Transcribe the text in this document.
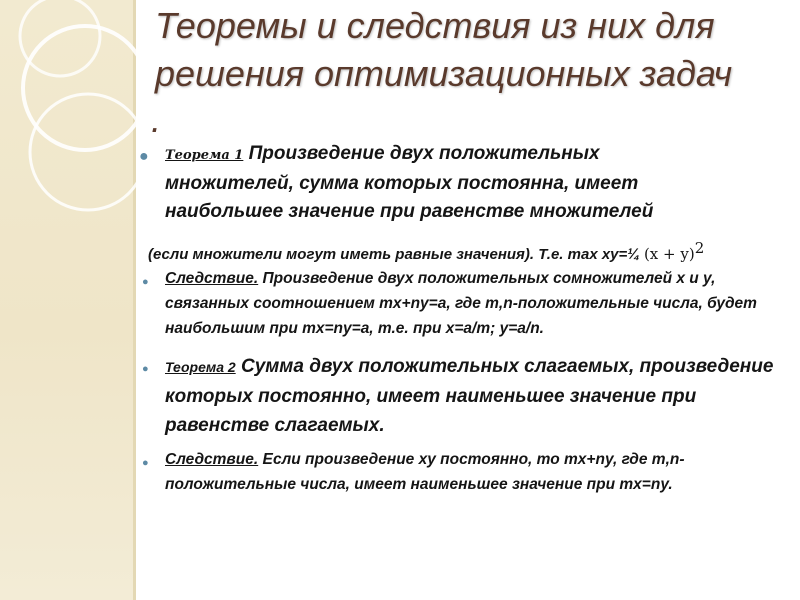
Теоремы и следствия из них для решения оптимизационных задач
.
● Теорема 1 Произведение двух положительных множителей, сумма которых постоянна, имеет наибольшее значение при равенстве множителей
(если множители могут иметь равные значения). Т.е. max xy=¼ $(x + y)^2$
● Следствие. Произведение двух положительных сомножителей х и у, связанных соотношением mx+ny=a, где m,n-положительные числа, будет наибольшим при mx=ny=a, т.е. при x=a/m; y=a/n.
● Теорема 2 Сумма двух положительных слагаемых, произведение которых постоянно, имеет наименьшее значение при равенстве слагаемых.
● Следствие. Если произведение ху постоянно, то mx+ny, где m,n-положительные числа, имеет наименьшее значение при mx=ny.
